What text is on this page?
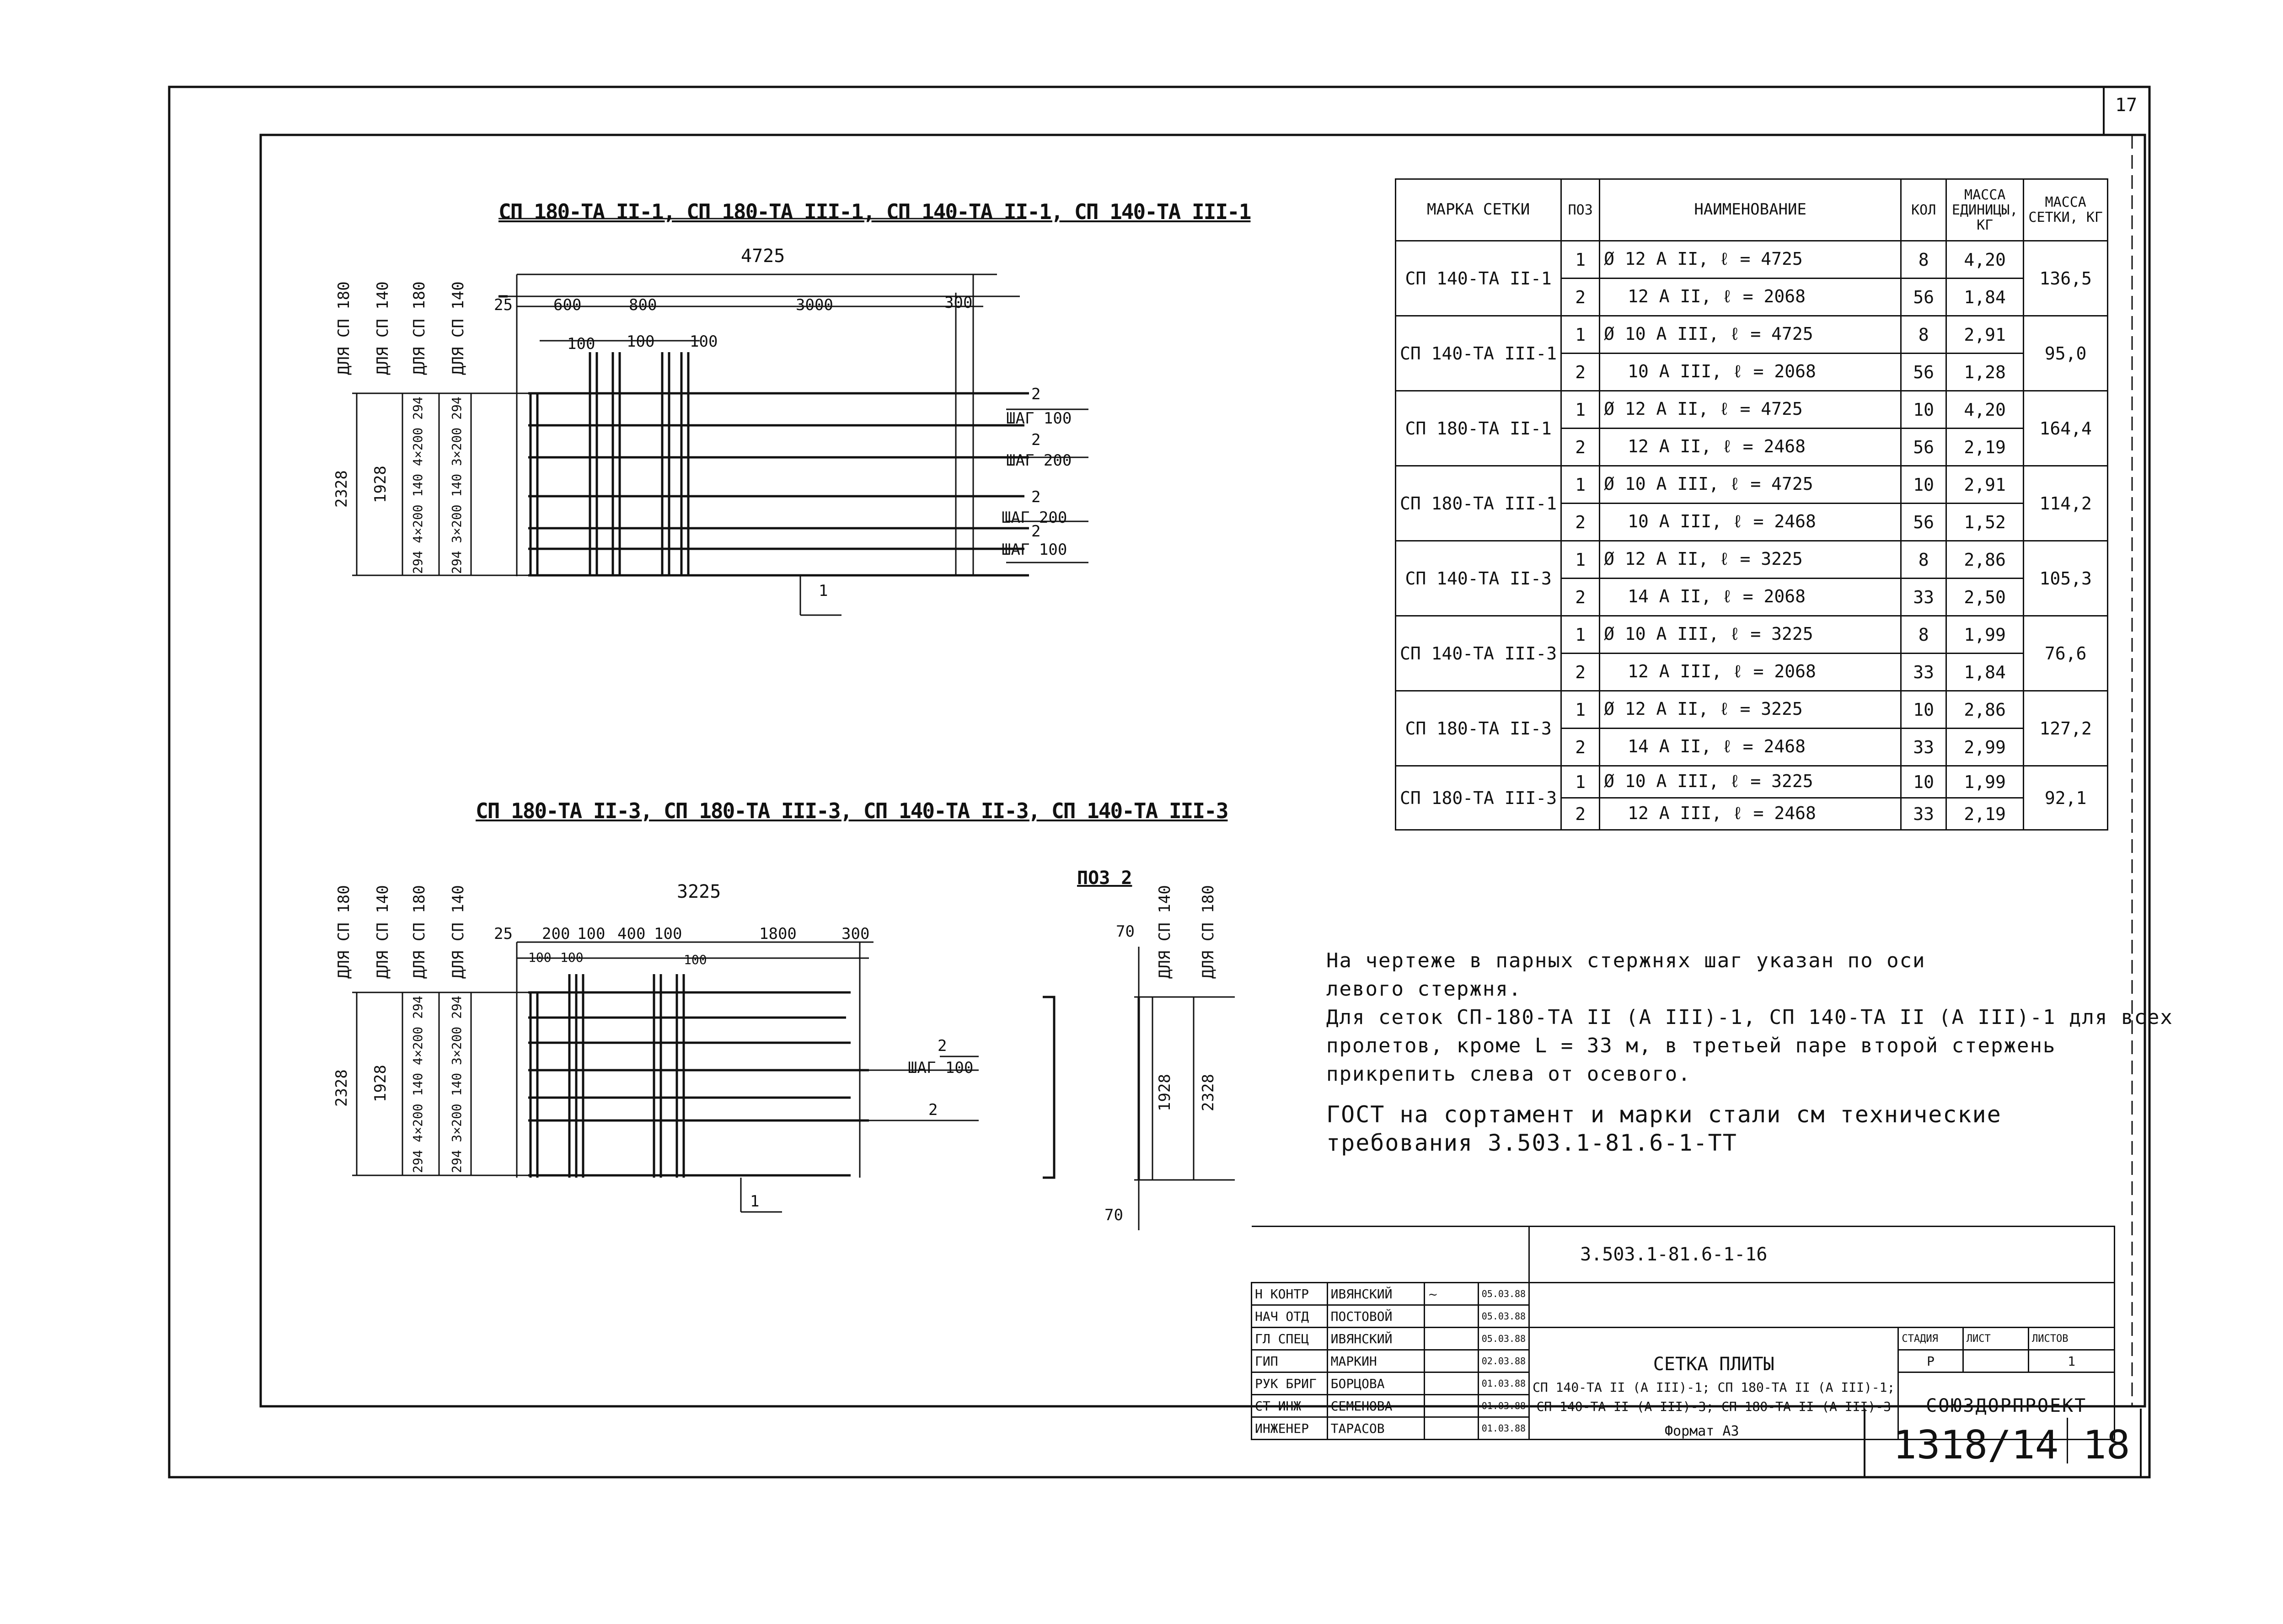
17
СП 180-ТА II-1, СП 180-ТА III-1, СП 140-ТА II-1, СП 140-ТА III-1
4725
25	600	800	3000	300
100 100 100
ДЛЯ СП 180 ДЛЯ СП 140 ДЛЯ СП 180 ДЛЯ СП 140
2328 1928 294 4×200 140 4×200 294 294 3×200 140 3×200 294
2
ШАГ 100
2
ШАГ 200
2
ШАГ 200
2
ШАГ 100
1
СП 180-ТА II-3, СП 180-ТА III-3, СП 140-ТА II-3, СП 140-ТА III-3
3225
25 200 100 400 100	1800	300
100 100	100
ДЛЯ СП 180 ДЛЯ СП 140 ДЛЯ СП 180 ДЛЯ СП 140
2328 1928 294 4×200 140 4×200 294 294 3×200 140 3×200 294	2
ШАГ 100
2
1
ПОЗ 2
ДЛЯ СП 140 ДЛЯ СП 180
70
1928 2328
70
МАРКА СЕТКИ	ПОЗ	НАИМЕНОВАНИЕ	КОЛ	МАССА ЕДИНИЦЫ, КГ	МАССА СЕТКИ, КГ
СП 140-ТА II-1	1	Ø 12 А II, ℓ = 4725	8	4,20	136,5
	2	12 А II, ℓ = 2068	56	1,84	
СП 140-ТА III-1	1	Ø 10 А III, ℓ = 4725	8	2,91	95,0
	2	10 А III, ℓ = 2068	56	1,28	
СП 180-ТА II-1	1	Ø 12 А II, ℓ = 4725	10	4,20	164,4
	2	12 А II, ℓ = 2468	56	2,19	
СП 180-ТА III-1	1	Ø 10 А III, ℓ = 4725	10	2,91	114,2
	2	10 А III, ℓ = 2468	56	1,52	
СП 140-ТА II-3	1	Ø 12 А II, ℓ = 3225	8	2,86	105,3
	2	14 А II, ℓ = 2068	33	2,50	
СП 140-ТА III-3	1	Ø 10 А III, ℓ = 3225	8	1,99	76,6
	2	12 А III, ℓ = 2068	33	1,84	
СП 180-ТА II-3	1	Ø 12 А II, ℓ = 3225	10	2,86	127,2
	2	14 А II, ℓ = 2468	33	2,99	
СП 180-ТА III-3	1	Ø 10 А III, ℓ = 3225	10	1,99	92,1
	2	12 А III, ℓ = 2468	33	2,19	
На чертеже в парных стержнях шаг указан по оси
левого стержня.
Для сеток СП-180-ТА II (А III)-1, СП 140-ТА II (А III)-1 для всех
пролетов, кроме L = 33 м, в третьей паре второй стержень
прикрепить слева от осевого.
ГОСТ на сортамент и марки стали см технические
требования 3.503.1-81.6-1-ТТ
				3.503.1-81.6-1-16			

Н КОНТР	ИВЯНСКИЙ	~	05.03.88				
НАЧ ОТД	ПОСТОВОЙ		05.03.88				
ГЛ СПЕЦ	ИВЯНСКИЙ		05.03.88	СЕТКА ПЛИТЫ
СП 140-ТА II (А III)-1; СП 180-ТА II (А III)-1;
СП 140-ТА II (А III)-3; СП 180-ТА II (А III)-3	СТАДИЯ	ЛИСТ	ЛИСТОВ
ГИП	МАРКИН		02.03.88		Р		1
РУК БРИГ	БОРЦОВА		01.03.88		СОЮЗДОРПРОЕКТ		
СТ ИНЖ	СЕМЕНОВА		01.03.88				
ИНЖЕНЕР	ТАРАСОВ		01.03.88					Формат А3	1318/14 18
